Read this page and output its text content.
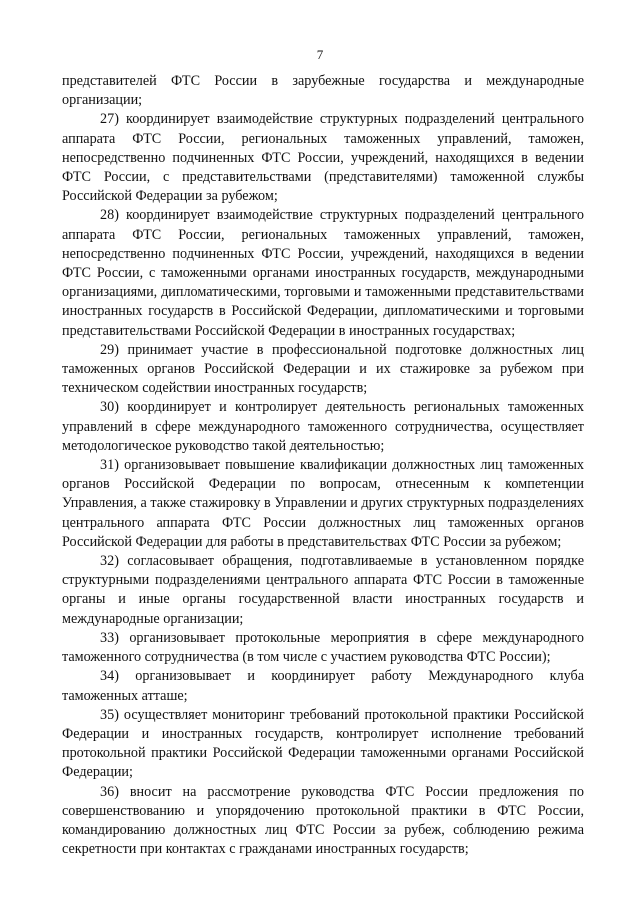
7

представителей ФТС России в зарубежные государства и международные организации;

27) координирует взаимодействие структурных подразделений центрального аппарата ФТС России, региональных таможенных управлений, таможен, непосредственно подчиненных ФТС России, учреждений, находящихся в ведении ФТС России, с представительствами (представителями) таможенной службы Российской Федерации за рубежом;

28) координирует взаимодействие структурных подразделений центрального аппарата ФТС России, региональных таможенных управлений, таможен, непосредственно подчиненных ФТС России, учреждений, находящихся в ведении ФТС России, с таможенными органами иностранных государств, международными организациями, дипломатическими, торговыми и таможенными представительствами иностранных государств в Российской Федерации, дипломатическими и торговыми представительствами Российской Федерации в иностранных государствах;

29) принимает участие в профессиональной подготовке должностных лиц таможенных органов Российской Федерации и их стажировке за рубежом при техническом содействии иностранных государств;

30) координирует и контролирует деятельность региональных таможенных управлений в сфере международного таможенного сотрудничества, осуществляет методологическое руководство такой деятельностью;

31) организовывает повышение квалификации должностных лиц таможенных органов Российской Федерации по вопросам, отнесенным к компетенции Управления, а также стажировку в Управлении и других структурных подразделениях центрального аппарата ФТС России должностных лиц таможенных органов Российской Федерации для работы в представительствах ФТС России за рубежом;

32) согласовывает обращения, подготавливаемые в установленном порядке структурными подразделениями центрального аппарата ФТС России в таможенные органы и иные органы государственной власти иностранных государств и международные организации;

33) организовывает протокольные мероприятия в сфере международного таможенного сотрудничества (в том числе с участием руководства ФТС России);

34) организовывает и координирует работу Международного клуба таможенных атташе;

35) осуществляет мониторинг требований протокольной практики Российской Федерации и иностранных государств, контролирует исполнение требований протокольной практики Российской Федерации таможенными органами Российской Федерации;

36) вносит на рассмотрение руководства ФТС России предложения по совершенствованию и упорядочению протокольной практики в ФТС России, командированию должностных лиц ФТС России за рубеж, соблюдению режима секретности при контактах с гражданами иностранных государств;
